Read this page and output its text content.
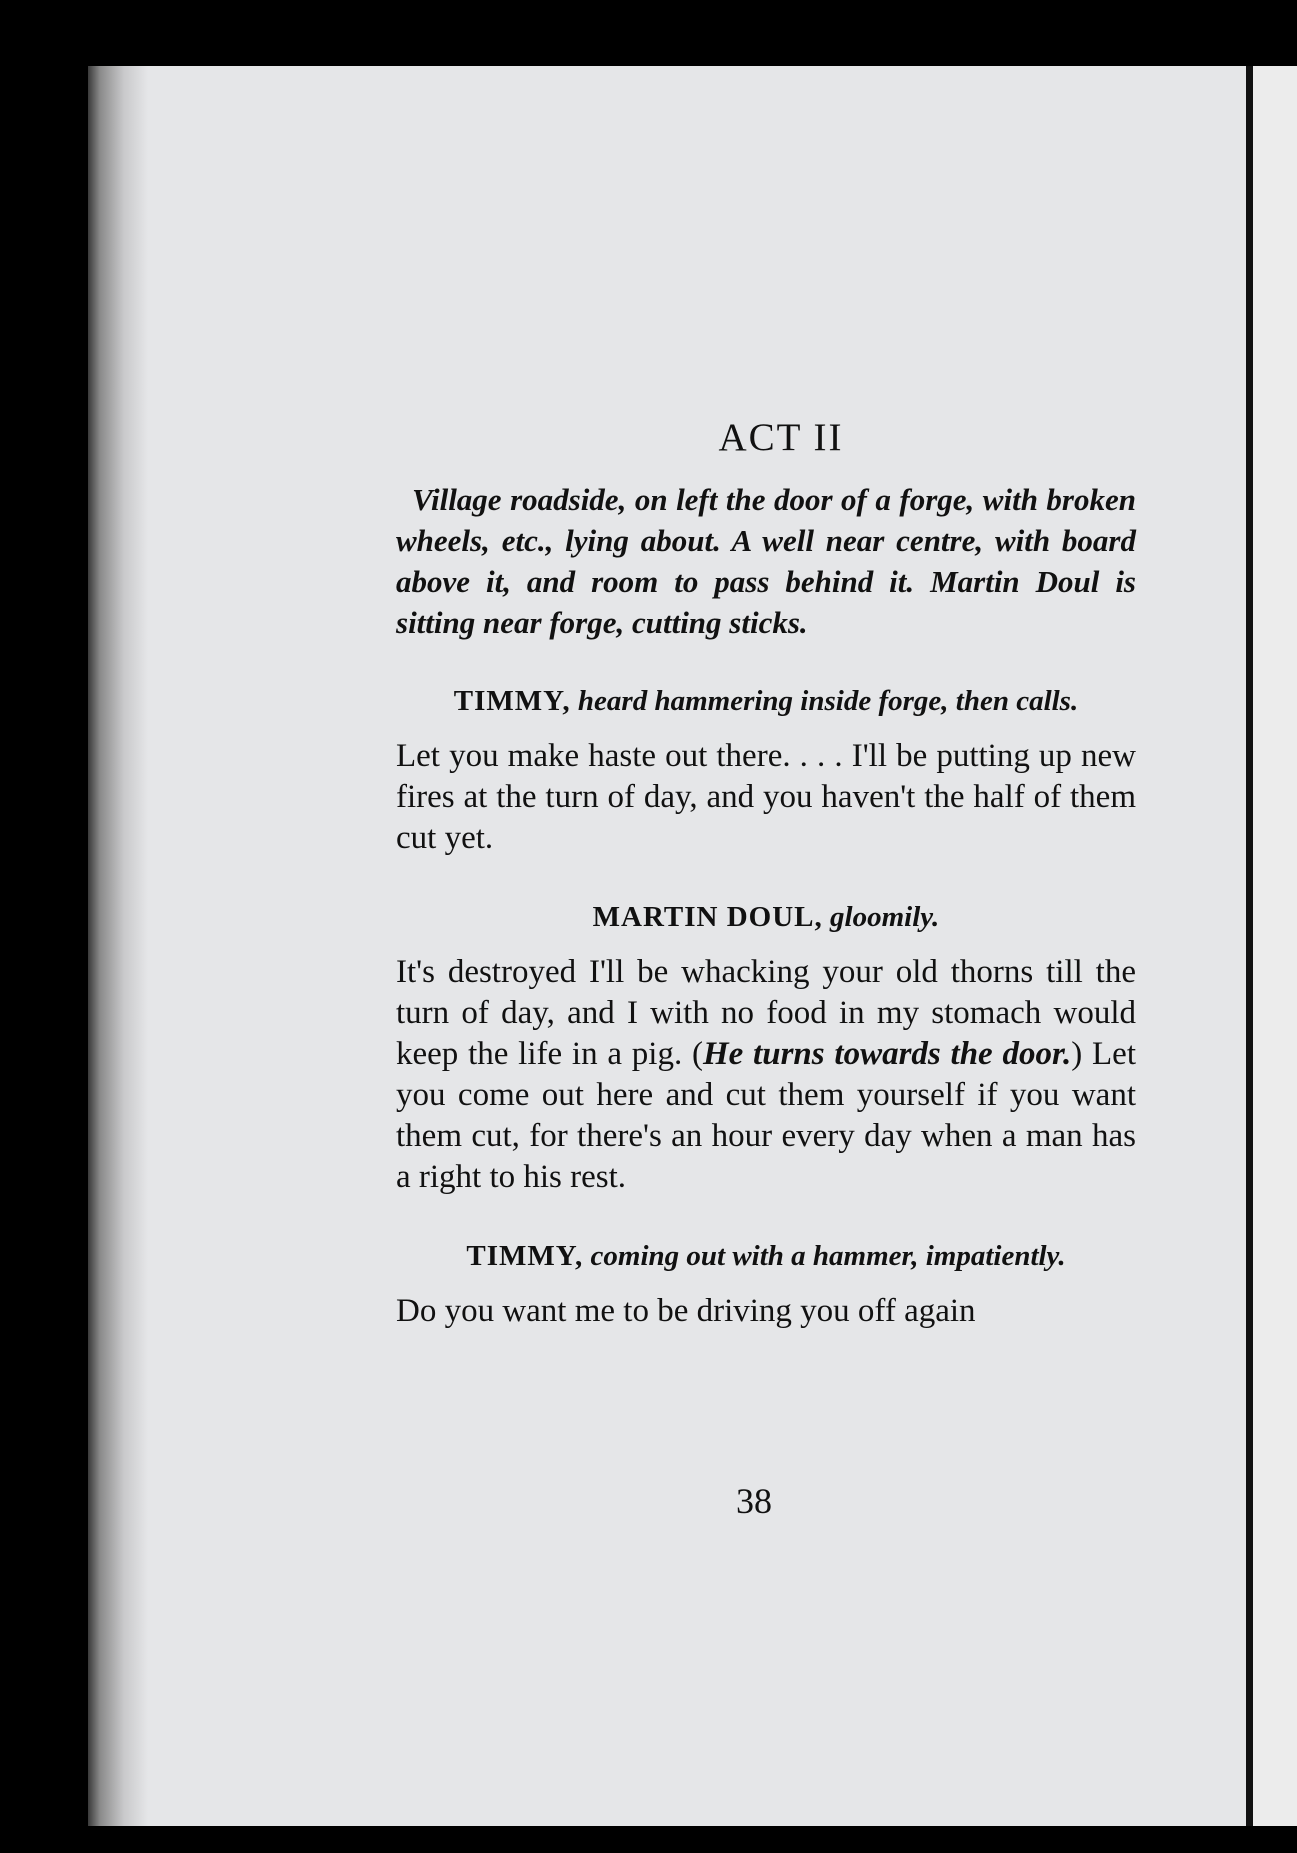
ACT II

Village roadside, on left the door of a forge, with broken wheels, etc., lying about. A well near centre, with board above it, and room to pass behind it. Martin Doul is sitting near forge, cutting sticks.

TIMMY, heard hammering inside forge, then calls.

Let you make haste out there. . . . I'll be putting up new fires at the turn of day, and you haven't the half of them cut yet.

MARTIN DOUL, gloomily.

It's destroyed I'll be whacking your old thorns till the turn of day, and I with no food in my stomach would keep the life in a pig. (He turns towards the door.) Let you come out here and cut them yourself if you want them cut, for there's an hour every day when a man has a right to his rest.

TIMMY, coming out with a hammer, impatiently.

Do you want me to be driving you off again

38
